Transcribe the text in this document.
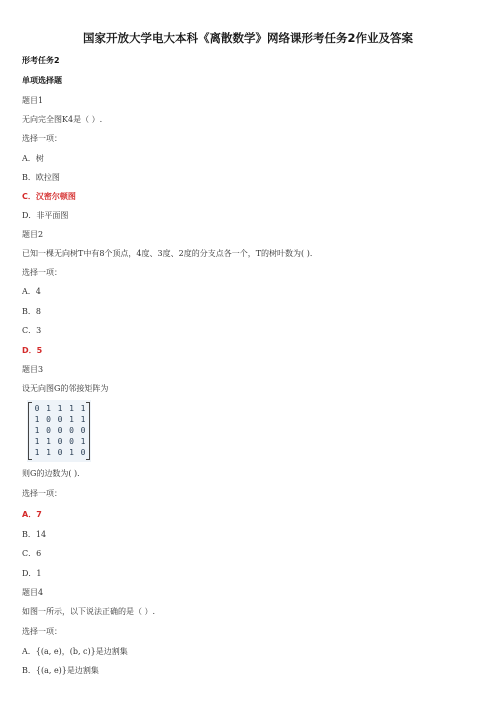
国家开放大学电大本科《离散数学》网络课形考任务2作业及答案
形考任务2
单项选择题
题目1
无向完全图K4是（ ）.
选择一项：
A．树
B．欧拉图
C．汉密尔顿图
D．非平面图
题目2
已知一棵无向树T中有8个顶点，4度、3度、2度的分支点各一个，T的树叶数为( )．
选择一项：
A．4
B．8
C．3
D．5
题目3
设无向图G的邻接矩阵为
0 1 1 1 1
1 0 0 1 1
1 0 0 0 0
1 1 0 0 1
1 1 0 1 0
则G的边数为( )．
选择一项：
A．7
B．14
C．6
D．1
题目4
如图一所示，以下说法正确的是（ ）.
选择一项：
A．{(a, e)，(b, c)}是边割集
B．{(a, e)}是边割集
